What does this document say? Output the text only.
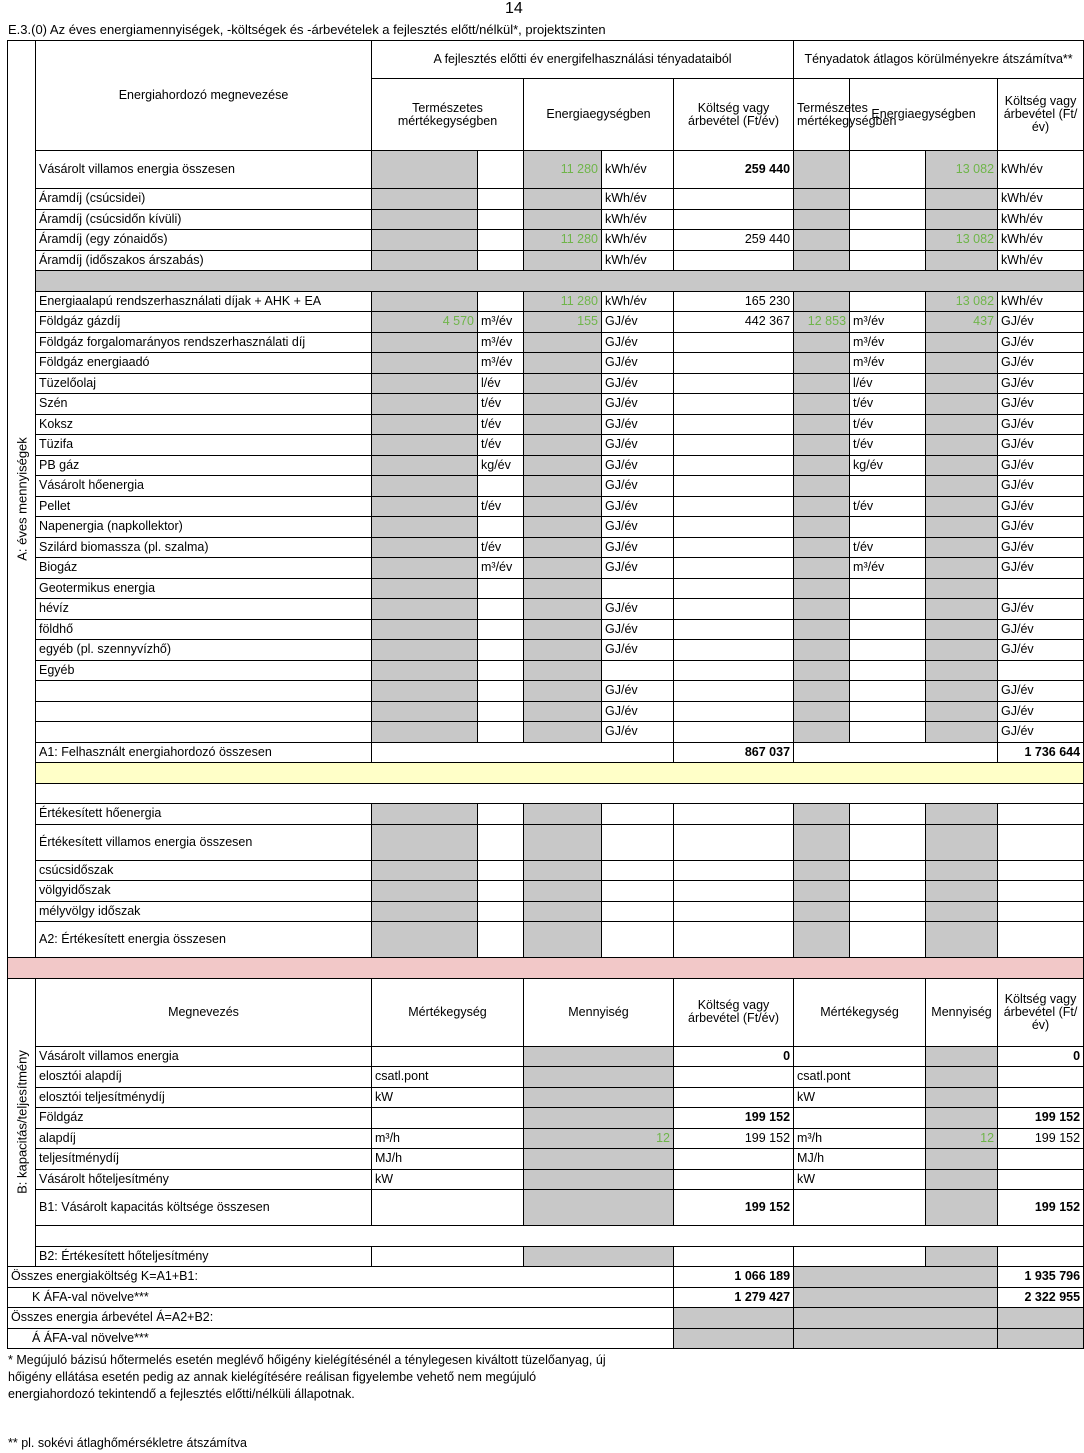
14
E.3.(0) Az éves energiamennyiségek, -költségek és -árbevételek a fejlesztés előtt/nélkül*, projektszinten
A: éves mennyiségek	Energiahordozó megnevezése	A fejlesztés előtti év energifelhasználási tényadataiból					Tényadatok átlagos körülményekre átszámítva**				
		Természetes mértékegységben		Energiaegységben		Költség vagy árbevétel (Ft/év)	Természetes mértékegységben	Energiaegységben		Költség vagy árbevétel (Ft/év)	
	Vásárolt villamos energia összesen			11 280	kWh/év	259 440			13 082	kWh/év	
	Áramdíj (csúcsidei)				kWh/év					kWh/év	
	Áramdíj (csúcsidőn kívüli)				kWh/év					kWh/év	
	Áramdíj (egy zónaidős)			11 280	kWh/év	259 440			13 082	kWh/év	
	Áramdíj (időszakos árszabás)				kWh/év					kWh/év	

	Energiaalapú rendszerhasználati díjak + AHK + EA			11 280	kWh/év	165 230			13 082	kWh/év	
	Földgáz gázdíj	4 570	m³/év	155	GJ/év	442 367	12 853	m³/év	437	GJ/év	
	Földgáz forgalomarányos rendszerhasználati díj		m³/év		GJ/év			m³/év		GJ/év	
	Földgáz energiaadó		m³/év		GJ/év			m³/év		GJ/év	
	Tüzelőolaj		l/év		GJ/év			l/év		GJ/év	
	Szén		t/év		GJ/év			t/év		GJ/év	
	Koksz		t/év		GJ/év			t/év		GJ/év	
	Tüzifa		t/év		GJ/év			t/év		GJ/év	
	PB gáz		kg/év		GJ/év			kg/év		GJ/év	
	Vásárolt hőenergia				GJ/év					GJ/év	
	Pellet		t/év		GJ/év			t/év		GJ/év	
	Napenergia (napkollektor)				GJ/év					GJ/év	
	Szilárd biomassza (pl. szalma)		t/év		GJ/év			t/év		GJ/év	
	Biogáz		m³/év		GJ/év			m³/év		GJ/év	
	Geotermikus energia										
	hévíz				GJ/év					GJ/év	
	földhő				GJ/év					GJ/év	
	egyéb (pl. szennyvízhő)				GJ/év					GJ/év	
	Egyéb										
					GJ/év					GJ/év	
					GJ/év					GJ/év	
					GJ/év					GJ/év	
	A1: Felhasznált energiahordozó összesen					867 037				1 736 644	

	Értékesített hőenergia										
	Értékesített villamos energia összesen										
	csúcsidőszak										
	völgyidőszak										
	mélyvölgy időszak										
	A2: Értékesített energia összesen										

B: kapacitás/teljesítmény	Megnevezés	Mértékegység		Mennyiség		Költség vagy árbevétel (Ft/év)	Mértékegység		Mennyiség	Költség vagy árbevétel (Ft/év)	
	Vásárolt villamos energia					0				0	
	elosztói alapdíj	csatl.pont					csatl.pont				
	elosztói teljesítménydíj	kW					kW				
	Földgáz					199 152				199 152	
	alapdíj	m³/h		12		199 152	m³/h		12	199 152	
	teljesítménydíj	MJ/h					MJ/h				
	Vásárolt hőteljesítmény	kW					kW				
	B1: Vásárolt kapacitás költsége összesen					199 152				199 152	

	B2: Értékesített hőteljesítmény										
Összes energiaköltség K=A1+B1:						1 066 189				1 935 796	
K ÁFA-val növelve***						1 279 427				2 322 955	
Összes energia árbevétel Á=A2+B2:											
Á ÁFA-val növelve***											
* Megújuló bázisú hőtermelés esetén meglévő hőigény kielégítésénél a ténylegesen kiváltott tüzelőanyag, új hőigény ellátása esetén pedig az annak kielégítésére reálisan figyelembe vehető nem megújuló energiahordozó tekintendő a fejlesztés előtti/nélküli állapotnak.
** pl. sokévi átlaghőmérsékletre átszámítva
